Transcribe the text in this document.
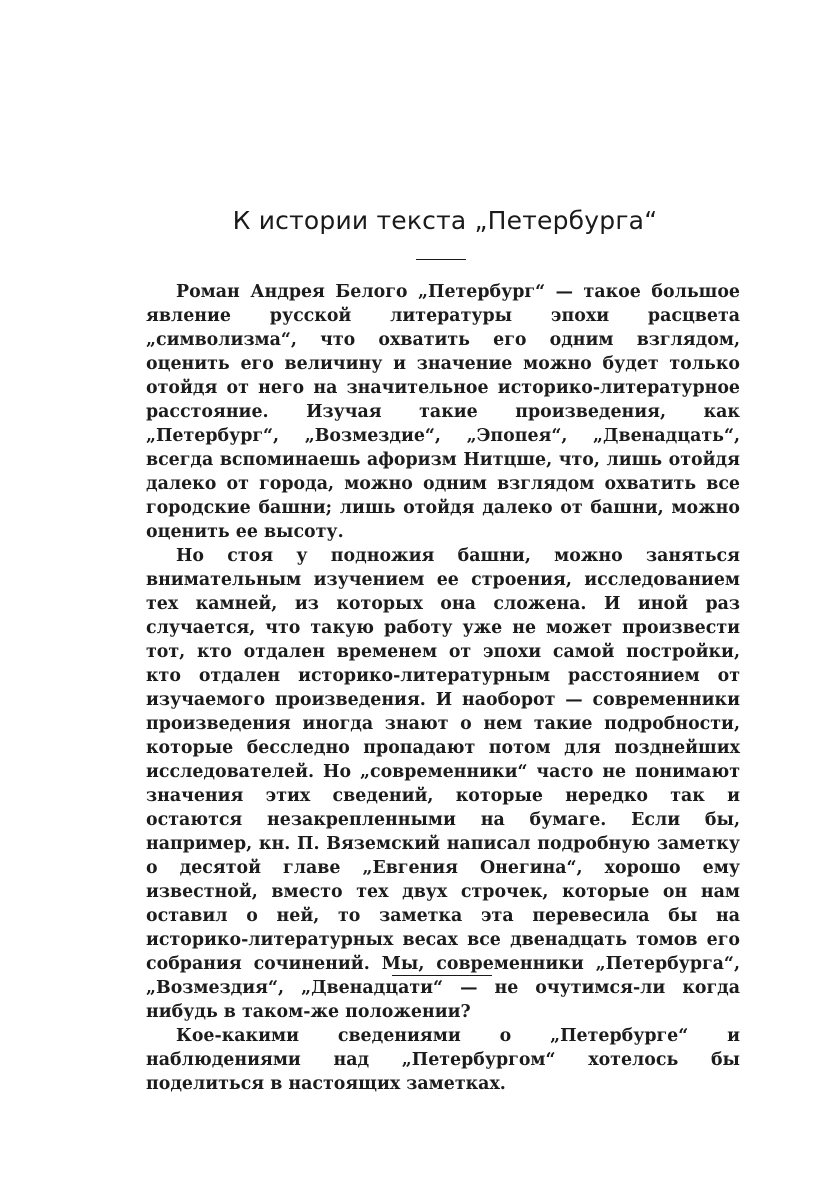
К истории текста „Петербурга“

Роман Андрея Белого „Петербург“ — такое большое явление русской литературы эпохи расцвета „символизма“, что охватить его одним взглядом, оценить его величину и значение можно будет только отойдя от него на значительное историко-литературное расстояние. Изучая такие произведения, как „Петербург“, „Возмездие“, „Эпопея“, „Двенадцать“, всегда вспоминаешь афоризм Нитцше, что, лишь отойдя далеко от города, можно одним взглядом охватить все городские башни; лишь отойдя далеко от башни, можно оценить ее высоту.

Но стоя у подножия башни, можно заняться внимательным изучением ее строения, исследованием тех камней, из которых она сложена. И иной раз случается, что такую работу уже не может произвести тот, кто отдален временем от эпохи самой постройки, кто отдален историко-литературным расстоянием от изучаемого произведения. И наоборот — современники произведения иногда знают о нем такие подробности, которые бесследно пропадают потом для позднейших исследователей. Но „современники“ часто не понимают значения этих сведений, которые нередко так и остаются незакрепленными на бумаге. Если бы, например, кн. П. Вяземский написал подробную заметку о десятой главе „Евгения Онегина“, хорошо ему известной, вместо тех двух строчек, которые он нам оставил о ней, то заметка эта перевесила бы на историко-литературных весах все двенадцать томов его собрания сочинений. Мы, современники „Петербурга“, „Возмездия“, „Двенадцати“ — не очутимся-ли когда нибудь в таком-же положении?

Кое-какими сведениями о „Петербурге“ и наблюдениями над „Петербургом“ хотелось бы поделиться в настоящих заметках.
